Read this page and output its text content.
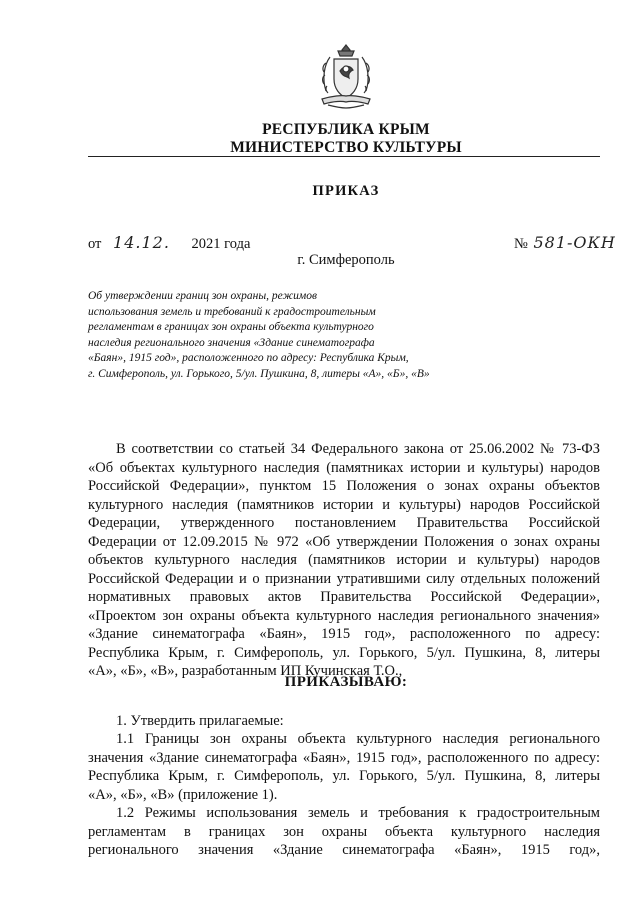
РЕСПУБЛИКА КРЫМ
МИНИСТЕРСТВО КУЛЬТУРЫ
ПРИКАЗ
от 14.12. 2021 года	№ 581-ОКН
г. Симферополь
Об утверждении границ зон охраны, режимов
использования земель и требований к градостроительным
регламентам в границах зон охраны объекта культурного
наследия регионального значения «Здание синематографа
«Баян», 1915 год», расположенного по адресу: Республика Крым,
г. Симферополь, ул. Горького, 5/ул. Пушкина, 8, литеры «А», «Б», «В»
В соответствии со статьей 34 Федерального закона от 25.06.2002 № 73-ФЗ
«Об объектах культурного наследия (памятниках истории и культуры) народов
Российской Федерации», пунктом 15 Положения о зонах охраны объектов
культурного наследия (памятников истории и культуры) народов Российской
Федерации, утвержденного постановлением Правительства Российской
Федерации от 12.09.2015 № 972 «Об утверждении Положения о зонах охраны
объектов культурного наследия (памятников истории и культуры) народов
Российской Федерации и о признании утратившими силу отдельных положений
нормативных правовых актов Правительства Российской Федерации»,
«Проектом зон охраны объекта культурного наследия регионального значения»
«Здание синематографа «Баян», 1915 год», расположенного по адресу:
Республика Крым, г. Симферополь, ул. Горького, 5/ул. Пушкина, 8, литеры
«А», «Б», «В», разработанным ИП Кучинская Т.О.,
ПРИКАЗЫВАЮ:
1. Утвердить прилагаемые:
1.1 Границы зон охраны объекта культурного наследия регионального
значения «Здание синематографа «Баян», 1915 год», расположенного по адресу:
Республика Крым, г. Симферополь, ул. Горького, 5/ул. Пушкина, 8, литеры
«А», «Б», «В» (приложение 1).
1.2 Режимы использования земель и требования к градостроительным
регламентам в границах зон охраны объекта культурного наследия
регионального значения «Здание синематографа «Баян», 1915 год»,
